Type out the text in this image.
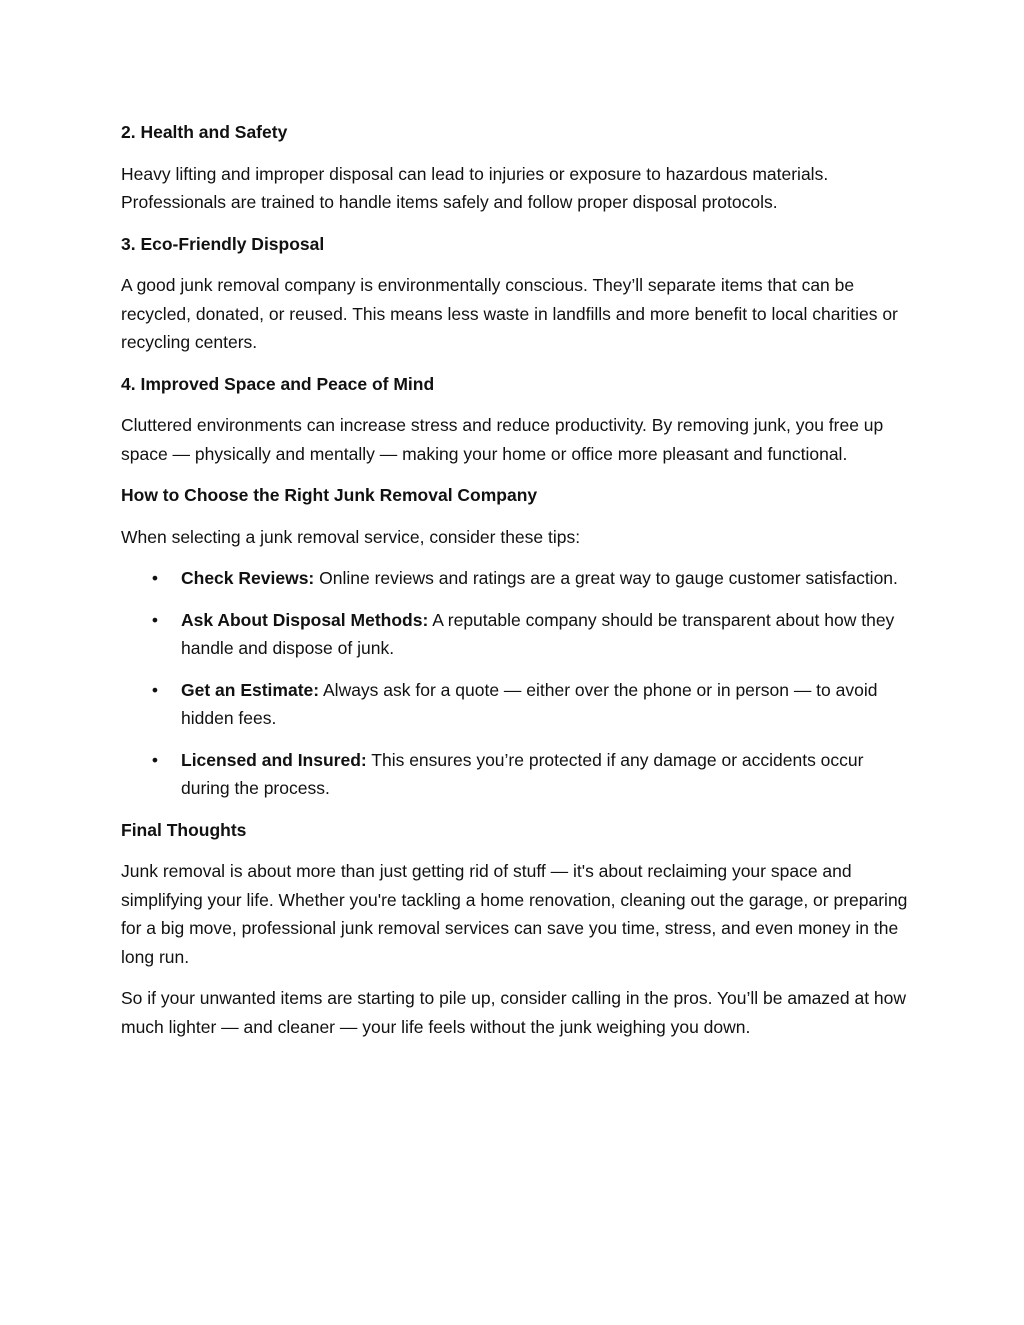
2. Health and Safety
Heavy lifting and improper disposal can lead to injuries or exposure to hazardous materials. Professionals are trained to handle items safely and follow proper disposal protocols.
3. Eco-Friendly Disposal
A good junk removal company is environmentally conscious. They’ll separate items that can be recycled, donated, or reused. This means less waste in landfills and more benefit to local charities or recycling centers.
4. Improved Space and Peace of Mind
Cluttered environments can increase stress and reduce productivity. By removing junk, you free up space — physically and mentally — making your home or office more pleasant and functional.
How to Choose the Right Junk Removal Company
When selecting a junk removal service, consider these tips:
• Check Reviews: Online reviews and ratings are a great way to gauge customer satisfaction.
• Ask About Disposal Methods: A reputable company should be transparent about how they handle and dispose of junk.
• Get an Estimate: Always ask for a quote — either over the phone or in person — to avoid hidden fees.
• Licensed and Insured: This ensures you’re protected if any damage or accidents occur during the process.
Final Thoughts
Junk removal is about more than just getting rid of stuff — it's about reclaiming your space and simplifying your life. Whether you're tackling a home renovation, cleaning out the garage, or preparing for a big move, professional junk removal services can save you time, stress, and even money in the long run.
So if your unwanted items are starting to pile up, consider calling in the pros. You’ll be amazed at how much lighter — and cleaner — your life feels without the junk weighing you down.
